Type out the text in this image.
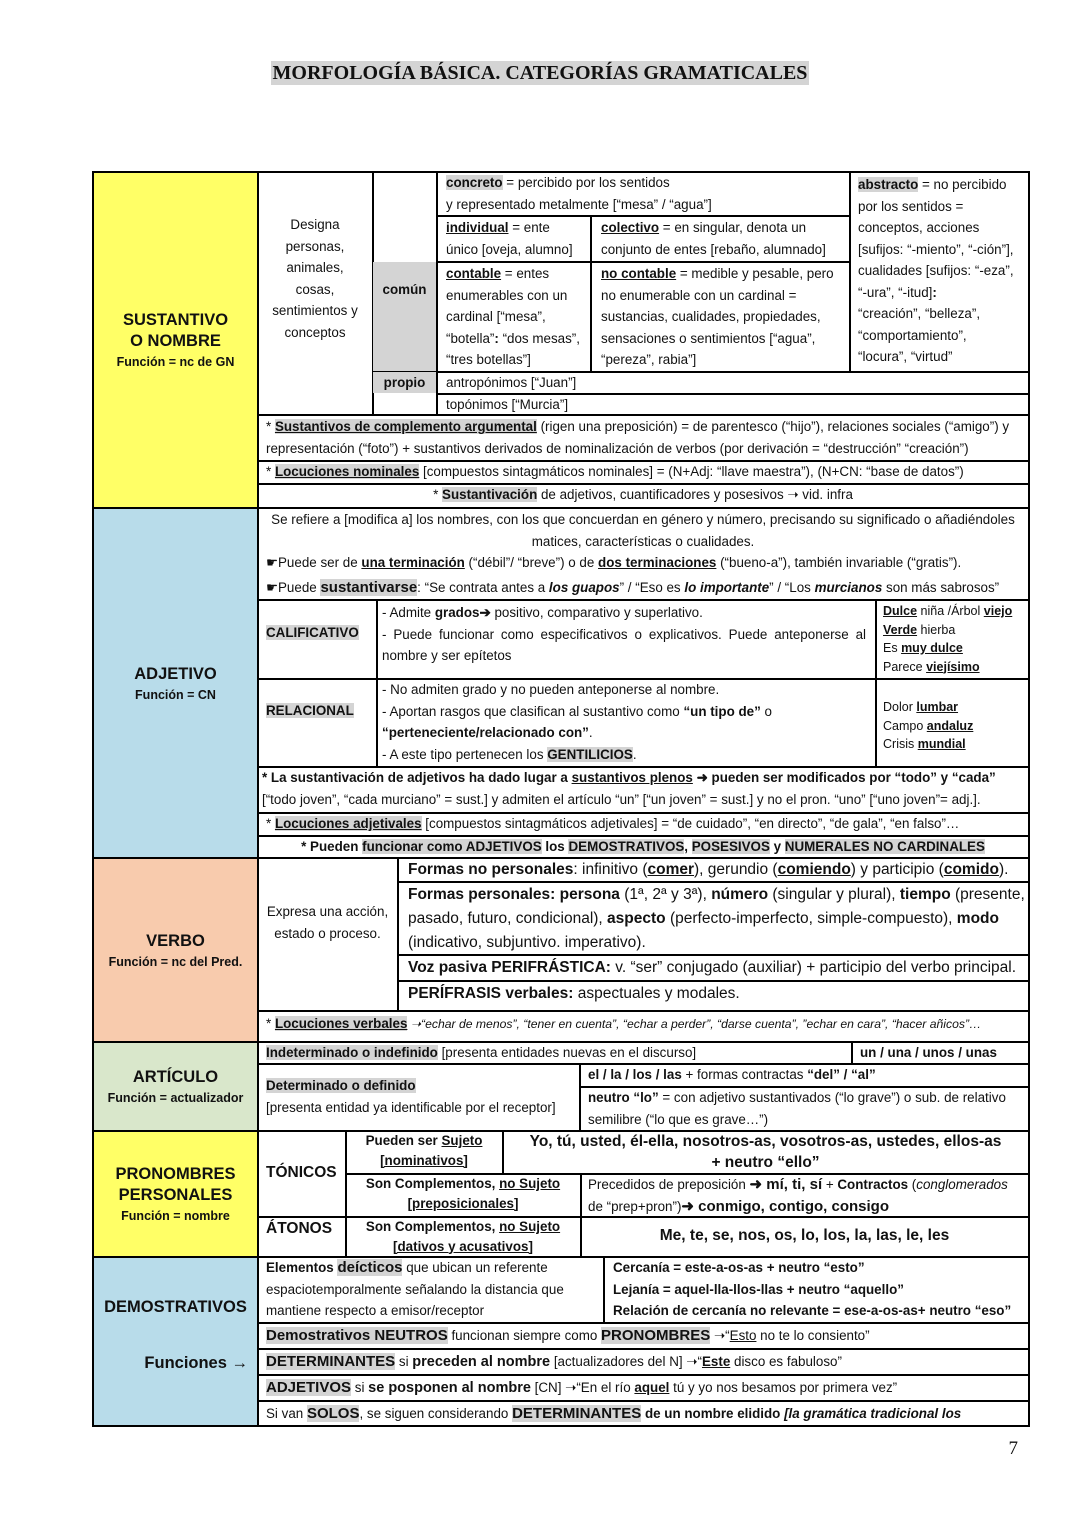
MORFOLOGÍA BÁSICA. CATEGORÍAS GRAMATICALES
SUSTANTIVO
O NOMBRE
Función = nc de GN
ADJETIVO
Función = CN
VERBO
Función = nc del Pred.
ARTÍCULO
Función = actualizador
PRONOMBRES
PERSONALES
Función = nombre
DEMOSTRATIVOS
Funciones →
Designa
personas,
animales,
cosas,
sentimientos y
conceptos
común
propio
concreto = percibido por los sentidos
y representado metalmente [“mesa” / “agua”]
individual = ente
único [oveja, alumno]
colectivo = en singular, denota un
conjunto de entes [rebaño, alumnado]
contable = entes
enumerables con un
cardinal [“mesa”,
“botella”: “dos mesas”,
“tres botellas”]
no contable = medible y pesable, pero
no enumerable con un cardinal =
sustancias, cualidades, propiedades,
sensaciones o sentimientos [“agua”,
“pereza”, rabia”]
abstracto = no percibido
por los sentidos =
conceptos, acciones
[sufijos: “-miento”, “-ción”],
cualidades [sufijos: “-eza”,
“-ura”, “-itud]:
“creación”, “belleza”,
“comportamiento”,
“locura”, “virtud”
antropónimos [“Juan”]
topónimos [“Murcia”]
* Sustantivos de complemento argumental (rigen una preposición) = de parentesco (“hijo”), relaciones sociales (“amigo”) y
representación (“foto”) + sustantivos derivados de nominalización de verbos (por derivación = “destrucción” “creación”)
* Locuciones nominales [compuestos sintagmáticos nominales] = (N+Adj: “llave maestra”), (N+CN: “base de datos”)
* Sustantivación de adjetivos, cuantificadores y posesivos ➝ vid. infra
Se refiere a [modifica a] los nombres, con los que concuerdan en género y número, precisando su significado o añadiéndoles
matices, características o cualidades.
☛Puede ser de una terminación (“débil”/ “breve”) o de dos terminaciones (“bueno-a”), también invariable (“gratis”).
☛Puede sustantivarse: “Se contrata antes a los guapos” / “Eso es lo importante” / “Los murcianos son más sabrosos”
CALIFICATIVO
- Admite grados➔ positivo, comparativo y superlativo.
- Puede funcionar como especificativos o explicativos. Puede anteponerse al nombre y ser epítetos
Dulce niña /Árbol viejo
Verde hierba
Es muy dulce
Parece viejísimo
RELACIONAL
- No admiten grado y no pueden anteponerse al nombre.
- Aportan rasgos que clasifican al sustantivo como “un tipo de” o
“perteneciente/relacionado con”.
- A este tipo pertenecen los GENTILICIOS.
Dolor lumbar
Campo andaluz
Crisis mundial
* La sustantivación de adjetivos ha dado lugar a sustantivos plenos ➜ pueden ser modificados por “todo” y “cada”
[“todo joven”, “cada murciano” = sust.] y admiten el artículo “un” [“un joven” = sust.] y no el pron. “uno” [“uno joven”= adj.].
* Locuciones adjetivales [compuestos sintagmáticos adjetivales] = “de cuidado”, “en directo”, “de gala”, “en falso”…
* Pueden funcionar como ADJETIVOS los DEMOSTRATIVOS, POSESIVOS y NUMERALES NO CARDINALES
Expresa una acción,
estado o proceso.
Formas no personales: infinitivo (comer), gerundio (comiendo) y participio (comido).
Formas personales: persona (1ª, 2ª y 3ª), número (singular y plural), tiempo (presente,
pasado, futuro, condicional), aspecto (perfecto-imperfecto, simple-compuesto), modo
(indicativo, subjuntivo. imperativo).
Voz pasiva PERIFRÁSTICA: v. “ser” conjugado (auxiliar) + participio del verbo principal.
PERÍFRASIS verbales: aspectuales y modales.
* Locuciones verbales ➝“echar de menos”, “tener en cuenta”, “echar a perder”, “darse cuenta”, ”echar en cara”, “hacer añicos”…
Indeterminado o indefinido [presenta entidades nuevas en el discurso]	un / una / unos / unas
Determinado o definido
[presenta entidad ya identificable por el receptor]
el / la / los / las + formas contractas “del” / “al”
neutro “lo” = con adjetivo sustantivados (“lo grave”) o sub. de relativo
semilibre (“lo que es grave…”)
TÓNICOS
ÁTONOS
Pueden ser Sujeto
[nominativos]
Yo, tú, usted, él-ella, nosotros-as, vosotros-as, ustedes, ellos-as
+ neutro “ello”
Son Complementos, no Sujeto
[preposicionales]
Precedidos de preposición ➜ mí, ti, sí + Contractos (conglomerados
de “prep+pron”)➜ conmigo, contigo, consigo
Son Complementos, no Sujeto
[dativos y acusativos]
Me, te, se, nos, os, lo, los, la, las, le, les
Elementos deícticos que ubican un referente
espaciotemporalmente señalando la distancia que
mantiene respecto a emisor/receptor
Cercanía = este-a-os-as + neutro “esto”
Lejanía = aquel-lla-llos-llas + neutro “aquello”
Relación de cercanía no relevante = ese-a-os-as+ neutro “eso”
Demostrativos NEUTROS funcionan siempre como PRONOMBRES ➝“Esto no te lo consiento”
DETERMINANTES si preceden al nombre [actualizadores del N] ➝“Este disco es fabuloso”
ADJETIVOS si se posponen al nombre [CN] ➝“En el río aquel tú y yo nos besamos por primera vez”
Si van SOLOS, se siguen considerando DETERMINANTES de un nombre elidido [la gramática tradicional los
7
